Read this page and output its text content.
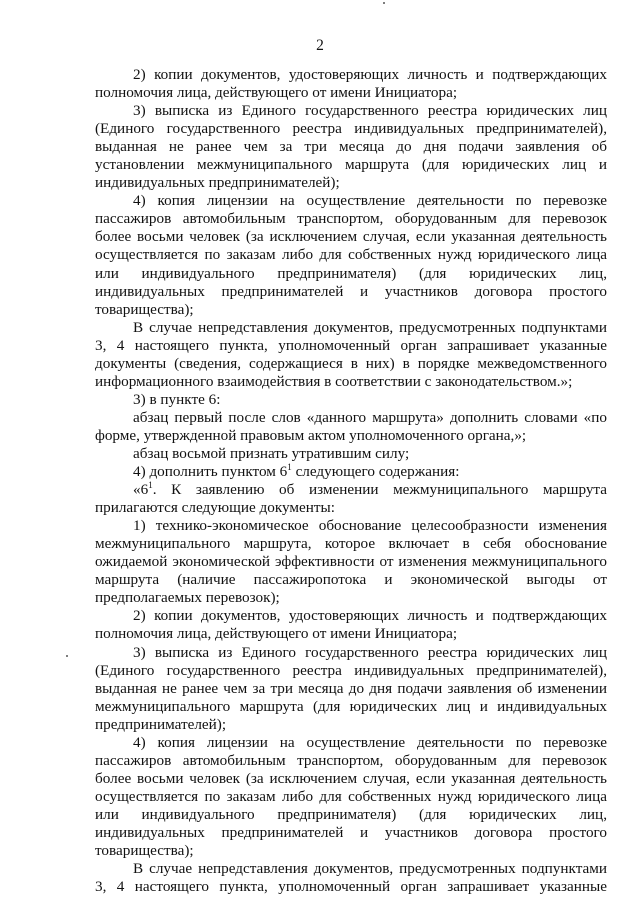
2

2) копии документов, удостоверяющих личность и подтверждающих полномочия лица, действующего от имени Инициатора;

3) выписка из Единого государственного реестра юридических лиц (Единого государственного реестра индивидуальных предпринимателей), выданная не ранее чем за три месяца до дня подачи заявления об установлении межмуниципального маршрута (для юридических лиц и индивидуальных предпринимателей);

4) копия лицензии на осуществление деятельности по перевозке пассажиров автомобильным транспортом, оборудованным для перевозок более восьми человек (за исключением случая, если указанная деятельность осуществляется по заказам либо для собственных нужд юридического лица или индивидуального предпринимателя) (для юридических лиц, индивидуальных предпринимателей и участников договора простого товарищества);

В случае непредставления документов, предусмотренных подпунктами 3, 4 настоящего пункта, уполномоченный орган запрашивает указанные документы (сведения, содержащиеся в них) в порядке межведомственного информационного взаимодействия в соответствии с законодательством.»;

3) в пункте 6:

абзац первый после слов «данного маршрута» дополнить словами «по форме, утвержденной правовым актом уполномоченного органа,»;

абзац восьмой признать утратившим силу;

4) дополнить пунктом $6^1$ следующего содержания:

«$6^1$. К заявлению об изменении межмуниципального маршрута прилагаются следующие документы:

1) технико-экономическое обоснование целесообразности изменения межмуниципального маршрута, которое включает в себя обоснование ожидаемой экономической эффективности от изменения межмуниципального маршрута (наличие пассажиропотока и экономической выгоды от предполагаемых перевозок);

2) копии документов, удостоверяющих личность и подтверждающих полномочия лица, действующего от имени Инициатора;

3) выписка из Единого государственного реестра юридических лиц (Единого государственного реестра индивидуальных предпринимателей), выданная не ранее чем за три месяца до дня подачи заявления об изменении межмуниципального маршрута (для юридических лиц и индивидуальных предпринимателей);

4) копия лицензии на осуществление деятельности по перевозке пассажиров автомобильным транспортом, оборудованным для перевозок более восьми человек (за исключением случая, если указанная деятельность осуществляется по заказам либо для собственных нужд юридического лица или индивидуального предпринимателя) (для юридических лиц, индивидуальных предпринимателей и участников договора простого товарищества);

В случае непредставления документов, предусмотренных подпунктами 3, 4 настоящего пункта, уполномоченный орган запрашивает указанные
